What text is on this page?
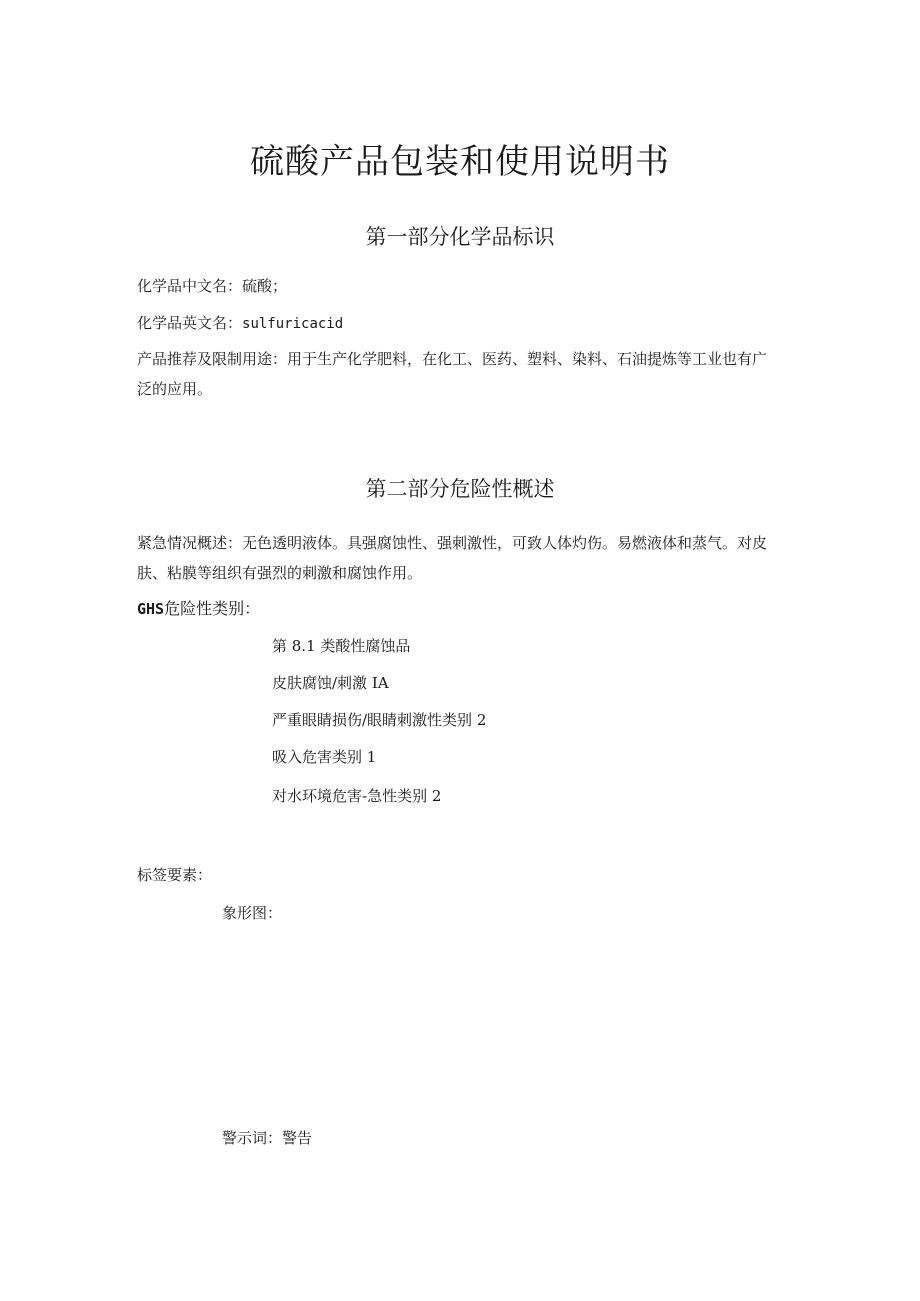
硫酸产品包装和使用说明书
第一部分化学品标识
化学品中文名：硫酸；
化学品英文名：sulfuricacid
产品推荐及限制用途：用于生产化学肥料，在化工、医药、塑料、染料、石油提炼等工业也有广泛的应用。
第二部分危险性概述
紧急情况概述：无色透明液体。具强腐蚀性、强刺激性，可致人体灼伤。易燃液体和蒸气。对皮肤、粘膜等组织有强烈的刺激和腐蚀作用。
GHS危险性类别：
第 8.1 类酸性腐蚀品
皮肤腐蚀/刺激 IA
严重眼睛损伤/眼睛刺激性类别 2
吸入危害类别 1
对水环境危害-急性类别 2
标签要素：
象形图：
警示词：警告
